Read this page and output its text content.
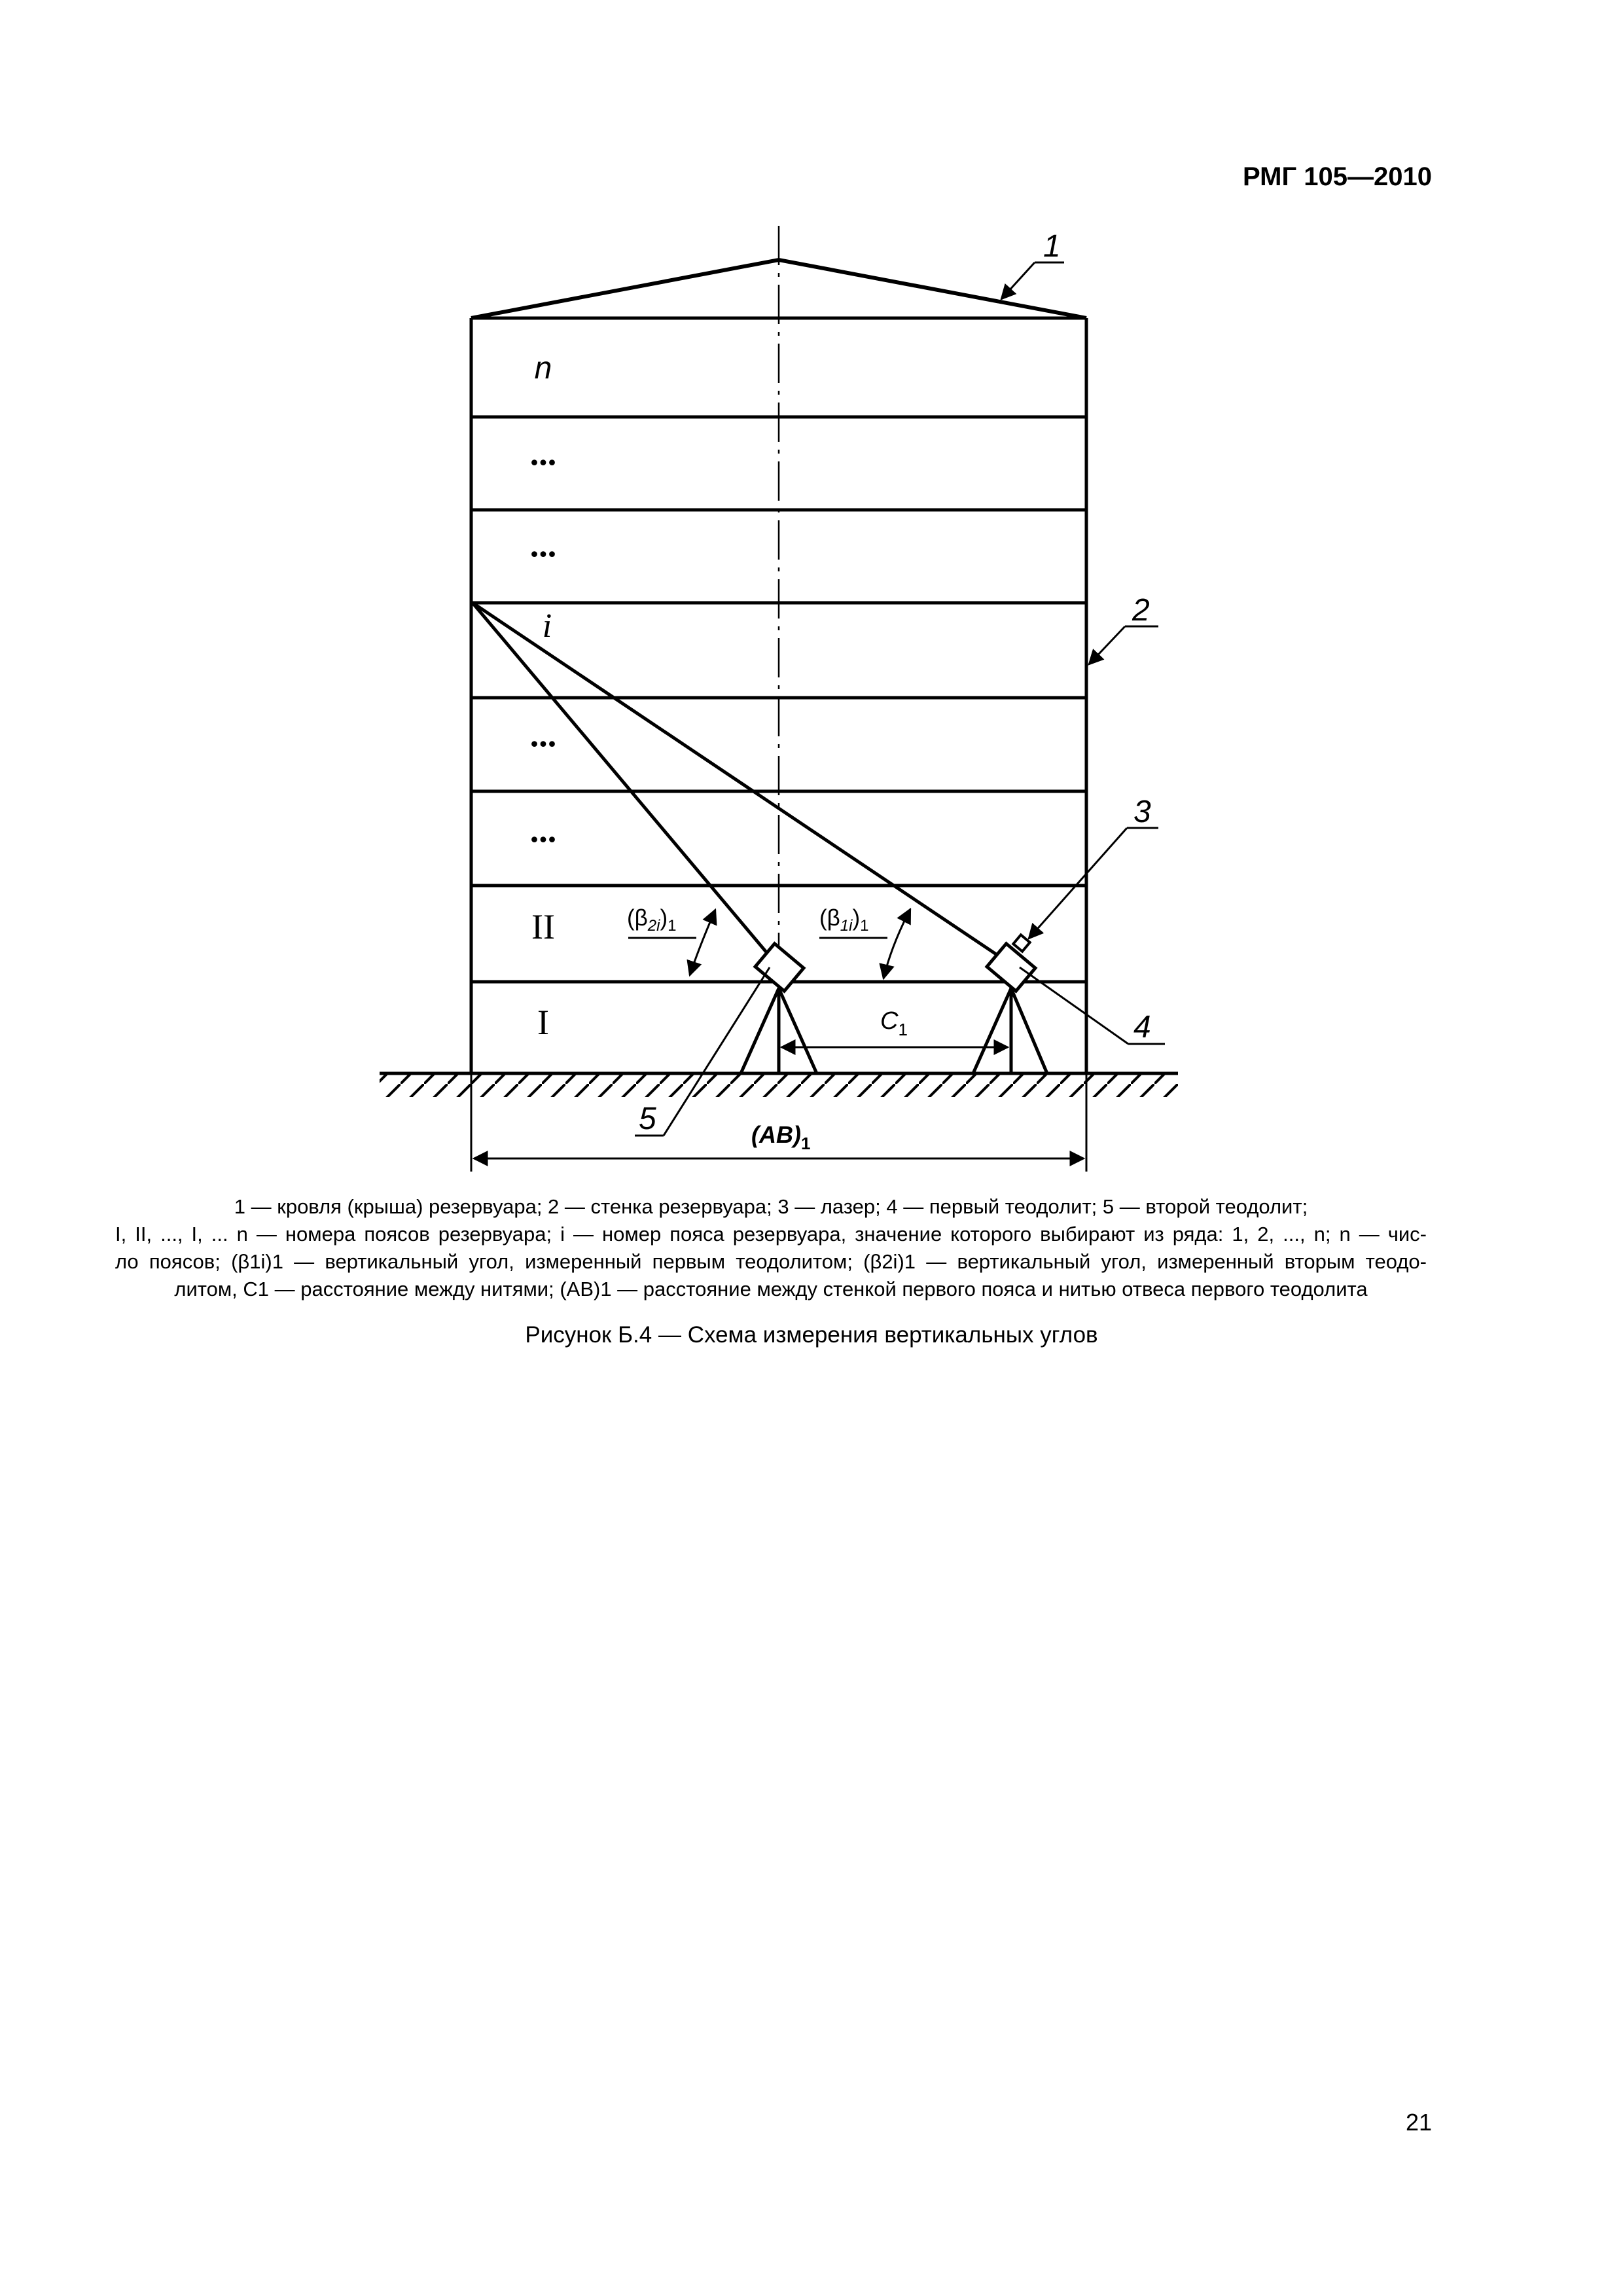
РМГ 105—2010
$C_1$
$(AB)_1$
$(\beta_{2i})_1$	$(\beta_{1i})_1$
n
...
...
i
...
...
II
I
1
2
3
4
5

1 — кровля (крыша) резервуара; 2 — стенка резервуара; 3 — лазер; 4 — первый теодолит; 5 — второй теодолит;

I, II, ..., I, ... n — номера поясов резервуара; i — номер пояса резервуара, значение которого выбирают из ряда: 1, 2, ..., n; n — чис-

ло поясов; (β1i)1 — вертикальный угол, измеренный первым теодолитом; (β2i)1 — вертикальный угол, измеренный вторым теодо-

литом, C1 — расстояние между нитями; (AB)1 — расстояние между стенкой первого пояса и нитью отвеса первого теодолита

Рисунок Б.4 — Схема измерения вертикальных углов
21
